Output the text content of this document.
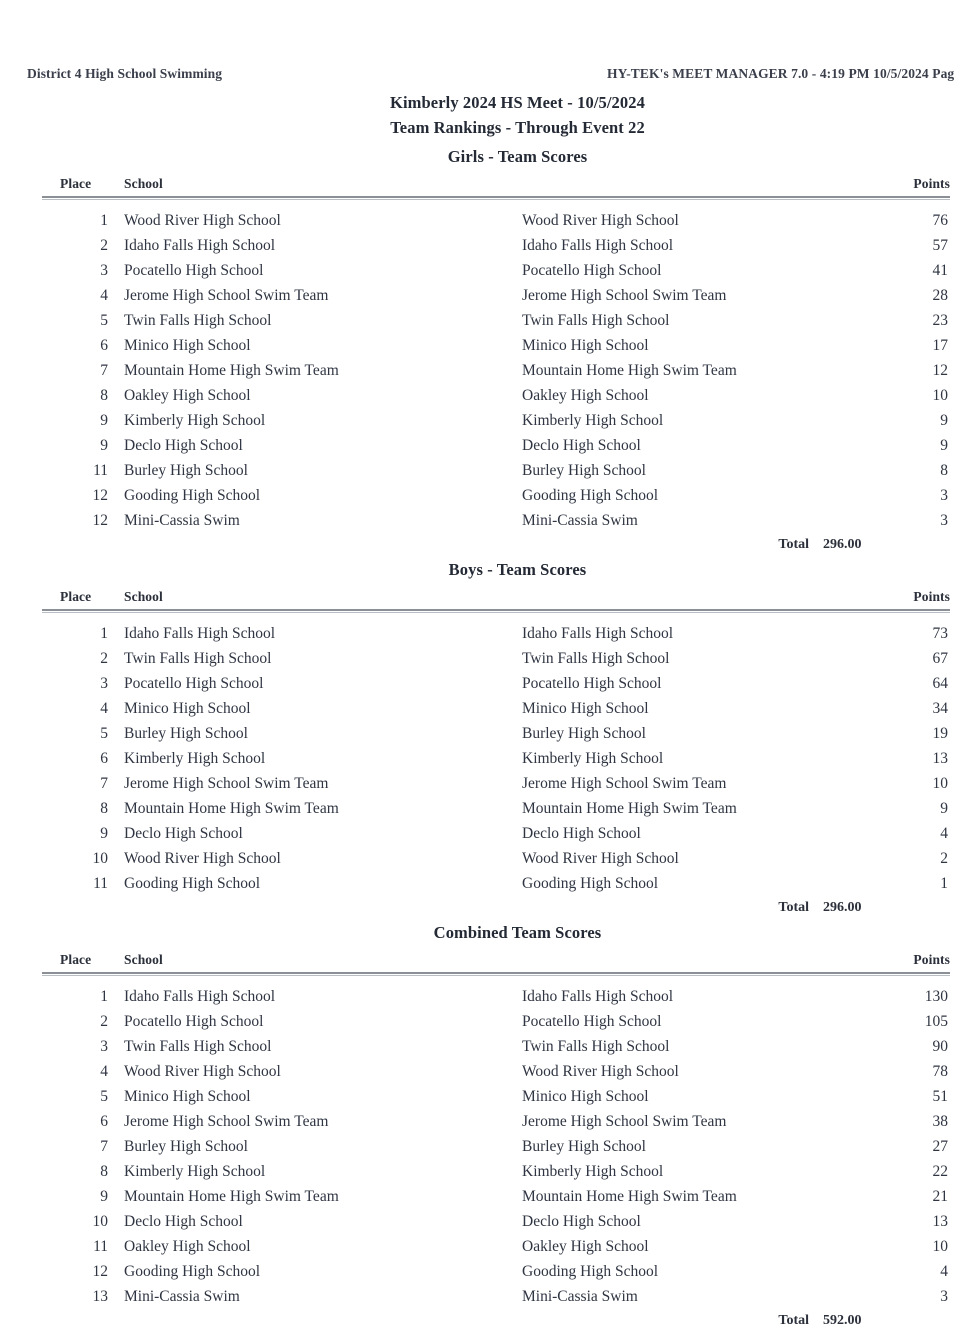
District 4 High School Swimming	HY-TEK's MEET MANAGER 7.0 - 4:19 PM 10/5/2024 Pag
Kimberly 2024 HS Meet - 10/5/2024
Team Rankings - Through Event 22
Girls - Team Scores
Place	School	Points
1 Wood River High School	Wood River High School	76
2 Idaho Falls High School	Idaho Falls High School	57
3 Pocatello High School	Pocatello High School	41
4 Jerome High School Swim Team	Jerome High School Swim Team	28
5 Twin Falls High School	Twin Falls High School	23
6 Minico High School	Minico High School	17
7 Mountain Home High Swim Team	Mountain Home High Swim Team	12
8 Oakley High School	Oakley High School	10
9 Kimberly High School	Kimberly High School	9
9 Declo High School	Declo High School	9
11 Burley High School	Burley High School	8
12 Gooding High School	Gooding High School	3
12 Mini-Cassia Swim	Mini-Cassia Swim	3
Total 296.00
Boys - Team Scores
Place	School	Points
1 Idaho Falls High School	Idaho Falls High School	73
2 Twin Falls High School	Twin Falls High School	67
3 Pocatello High School	Pocatello High School	64
4 Minico High School	Minico High School	34
5 Burley High School	Burley High School	19
6 Kimberly High School	Kimberly High School	13
7 Jerome High School Swim Team	Jerome High School Swim Team	10
8 Mountain Home High Swim Team	Mountain Home High Swim Team	9
9 Declo High School	Declo High School	4
10 Wood River High School	Wood River High School	2
11 Gooding High School	Gooding High School	1
Total 296.00
Combined Team Scores
Place	School	Points
1 Idaho Falls High School	Idaho Falls High School	130
2 Pocatello High School	Pocatello High School	105
3 Twin Falls High School	Twin Falls High School	90
4 Wood River High School	Wood River High School	78
5 Minico High School	Minico High School	51
6 Jerome High School Swim Team	Jerome High School Swim Team	38
7 Burley High School	Burley High School	27
8 Kimberly High School	Kimberly High School	22
9 Mountain Home High Swim Team	Mountain Home High Swim Team	21
10 Declo High School	Declo High School	13
11 Oakley High School	Oakley High School	10
12 Gooding High School	Gooding High School	4
13 Mini-Cassia Swim	Mini-Cassia Swim	3
Total 592.00
